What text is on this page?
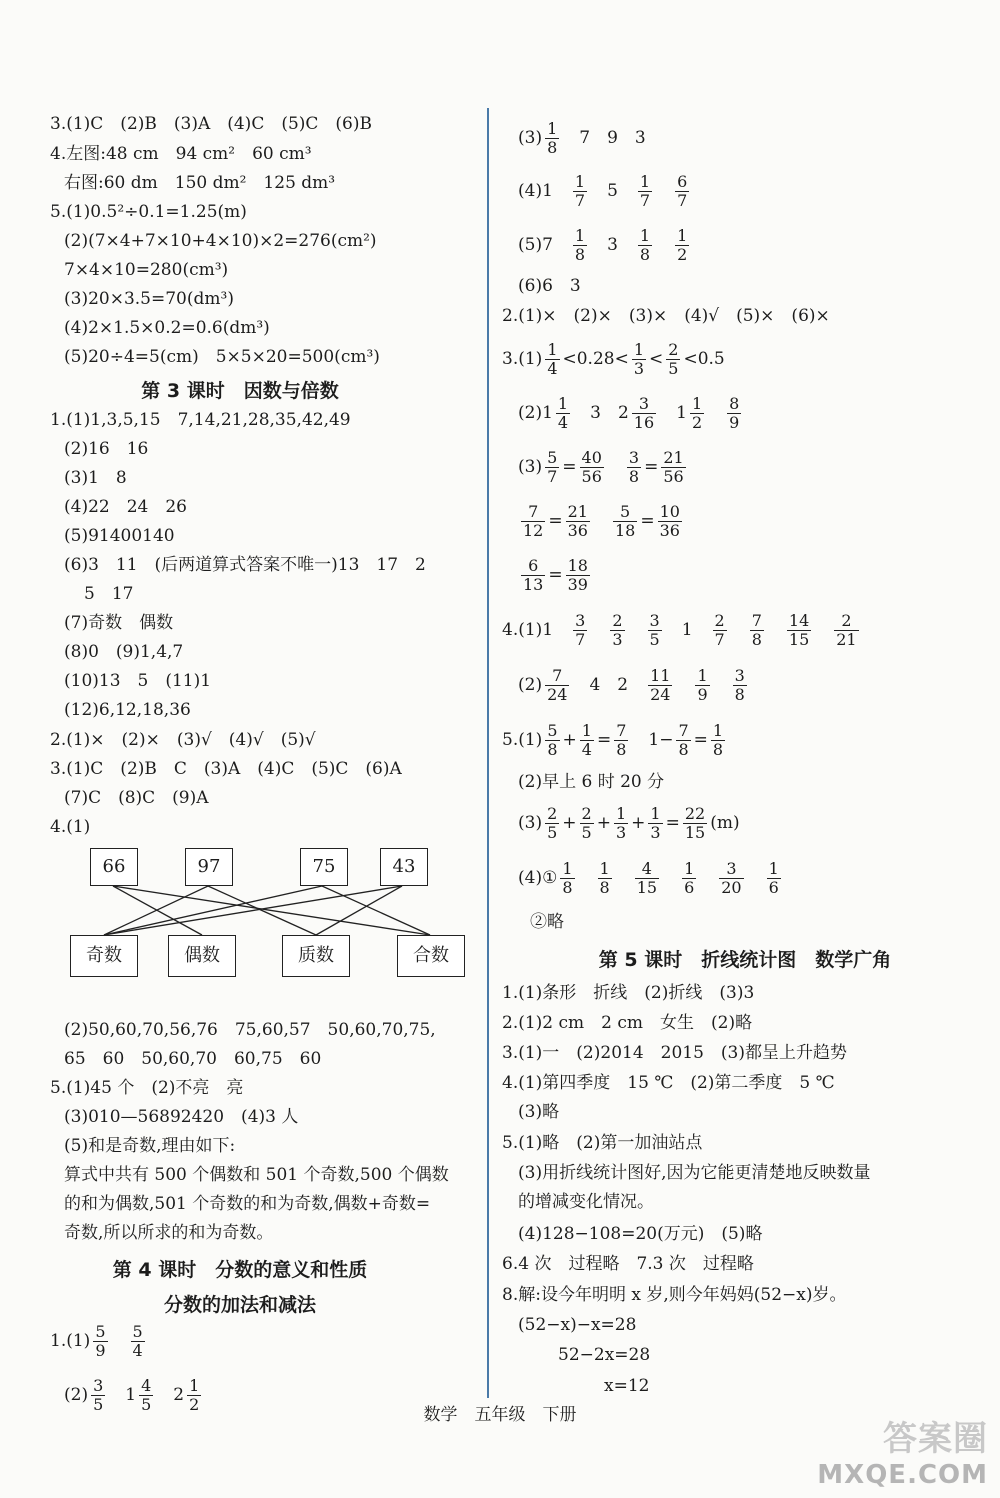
3.(1)C　(2)B　(3)A　(4)C　(5)C　(6)B
4.左图:48 cm　94 cm²　60 cm³
右图:60 dm　150 dm²　125 dm³
5.(1)0.5²÷0.1=1.25(m)
(2)(7×4+7×10+4×10)×2=276(cm²)
7×4×10=280(cm³)
(3)20×3.5=70(dm³)
(4)2×1.5×0.2=0.6(dm³)
(5)20÷4=5(cm)　5×5×20=500(cm³)
第 3 课时　因数与倍数
1.(1)1,3,5,15　7,14,21,28,35,42,49
(2)16　16
(3)1　8
(4)22　24　26
(5)91400140
(6)3　11　(后两道算式答案不唯一)13　17　2
5　17
(7)奇数　偶数
(8)0　(9)1,4,7
(10)13　5　(11)1
(12)6,12,18,36
2.(1)×　(2)×　(3)√　(4)√　(5)√
3.(1)C　(2)B　C　(3)A　(4)C　(5)C　(6)A
(7)C　(8)C　(9)A
4.(1)
66	97	75	43
奇数	偶数	质数	合数
(2)50,60,70,56,76　75,60,57　50,60,70,75,
65　60　50,60,70　60,75　60
5.(1)45 个　(2)不亮　亮
(3)010—56892420　(4)3 人
(5)和是奇数,理由如下:
算式中共有 500 个偶数和 501 个奇数,500 个偶数
的和为偶数,501 个奇数的和为奇数,偶数+奇数=
奇数,所以所求的和为奇数。
第 4 课时　分数的意义和性质
分数的加法和减法
$1.(1) \frac{5}{9}$
　 $\frac{5}{4}$
$(2) \frac{3}{5}$
　 $1 \frac{4}{5}$
　 $2 \frac{1}{2}$
$(3) \frac{1}{8}$
　 7　9　3
(4)1　 $\frac{1}{7}$
　 5　 $\frac{1}{7}$
　 $\frac{6}{7}$
(5)7　 $\frac{1}{8}$
　 3　 $\frac{1}{8}$
　 $\frac{1}{2}$
(6)6　3
2.(1)×　(2)×　(3)×　(4)√　(5)×　(6)×
$3.(1) \frac{1}{4} <0.28< \frac{1}{3} < \frac{2}{5} <0.5$
$(2)1 \frac{1}{4}$
　 3　 $2 \frac{3}{16}$
　 $1 \frac{1}{2}$
　 $\frac{8}{9}$
$(3) \frac{5}{7} = \frac{40}{56}$
　 $\frac{3}{8} = \frac{21}{56}$
$\frac{7}{12} = \frac{21}{36}$
　 $\frac{5}{18} = \frac{10}{36}$
$\frac{6}{13} = \frac{18}{39}$
4.(1)1　 $\frac{3}{7}$
　 $\frac{2}{3}$
　 $\frac{3}{5}$
　 1　 $\frac{2}{7}$
　 $\frac{7}{8}$
　 $\frac{14}{15}$
　 $\frac{2}{21}$
$(2) \frac{7}{24}$
　 4　2　 $\frac{11}{24}$
　 $\frac{1}{9}$
　 $\frac{3}{8}$
$5.(1) \frac{5}{8} + \frac{1}{4} = \frac{7}{8}$
　 $1- \frac{7}{8} = \frac{1}{8}$
(2)早上 6 时 20 分
$(3) \frac{2}{5} + \frac{2}{5} + \frac{1}{3} + \frac{1}{3} = \frac{22}{15} (m)$
(4)① $\frac{1}{8}$
　 $\frac{1}{8}$
　 $\frac{4}{15}$
　 $\frac{1}{6}$
　 $\frac{3}{20}$
　 $\frac{1}{6}$
②略
第 5 课时　折线统计图　数学广角
1.(1)条形　折线　(2)折线　(3)3
2.(1)2 cm　2 cm　女生　(2)略
3.(1)一　(2)2014　2015　(3)都呈上升趋势
4.(1)第四季度　15 ℃　(2)第二季度　5 ℃
(3)略
5.(1)略　(2)第一加油站点
(3)用折线统计图好,因为它能更清楚地反映数量
的增减变化情况。
(4)128−108=20(万元)　(5)略
6.4 次　过程略　7.3 次　过程略
8.解:设今年明明 x 岁,则今年妈妈(52−x)岁。
(52−x)−x=28
52−2x=28
x=12
数学　五年级　下册
答案圈
MXQE.COM
